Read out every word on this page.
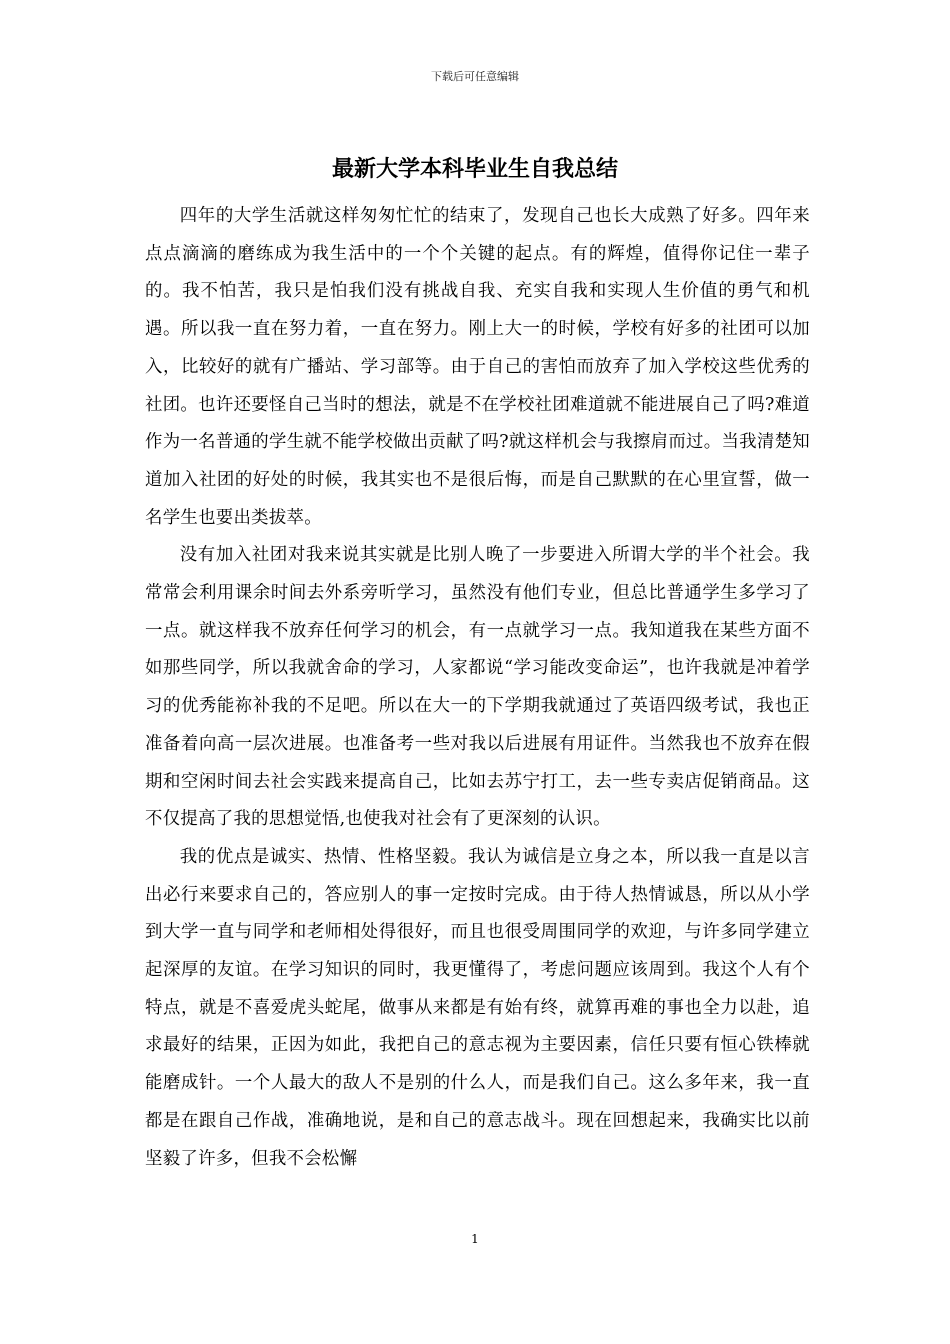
下载后可任意编辑
最新大学本科毕业生自我总结

四年的大学生活就这样匆匆忙忙的结束了，发现自己也长大成熟了好多。四年来点点滴滴的磨练成为我生活中的一个个关键的起点。有的辉煌，值得你记住一辈子的。我不怕苦，我只是怕我们没有挑战自我、充实自我和实现人生价值的勇气和机遇。所以我一直在努力着，一直在努力。刚上大一的时候，学校有好多的社团可以加入，比较好的就有广播站、学习部等。由于自己的害怕而放弃了加入学校这些优秀的社团。也许还要怪自己当时的想法，就是不在学校社团难道就不能进展自己了吗?难道作为一名普通的学生就不能学校做出贡献了吗?就这样机会与我擦肩而过。当我清楚知道加入社团的好处的时候，我其实也不是很后悔，而是自己默默的在心里宣誓，做一名学生也要出类拔萃。

没有加入社团对我来说其实就是比别人晚了一步要进入所谓大学的半个社会。我常常会利用课余时间去外系旁听学习，虽然没有他们专业，但总比普通学生多学习了一点。就这样我不放弃任何学习的机会，有一点就学习一点。我知道我在某些方面不如那些同学，所以我就舍命的学习，人家都说“学习能改变命运”，也许我就是冲着学习的优秀能祢补我的不足吧。所以在大一的下学期我就通过了英语四级考试，我也正准备着向高一层次进展。也准备考一些对我以后进展有用证件。当然我也不放弃在假期和空闲时间去社会实践来提高自己，比如去苏宁打工，去一些专卖店促销商品。这不仅提高了我的思想觉悟,也使我对社会有了更深刻的认识。

我的优点是诚实、热情、性格坚毅。我认为诚信是立身之本，所以我一直是以言出必行来要求自己的，答应别人的事一定按时完成。由于待人热情诚恳，所以从小学到大学一直与同学和老师相处得很好，而且也很受周围同学的欢迎，与许多同学建立起深厚的友谊。在学习知识的同时，我更懂得了，考虑问题应该周到。我这个人有个特点，就是不喜爱虎头蛇尾，做事从来都是有始有终，就算再难的事也全力以赴，追求最好的结果，正因为如此，我把自己的意志视为主要因素，信任只要有恒心铁棒就能磨成针。一个人最大的敌人不是别的什么人，而是我们自己。这么多年来，我一直都是在跟自己作战，准确地说，是和自己的意志战斗。现在回想起来，我确实比以前坚毅了许多，但我不会松懈

1
